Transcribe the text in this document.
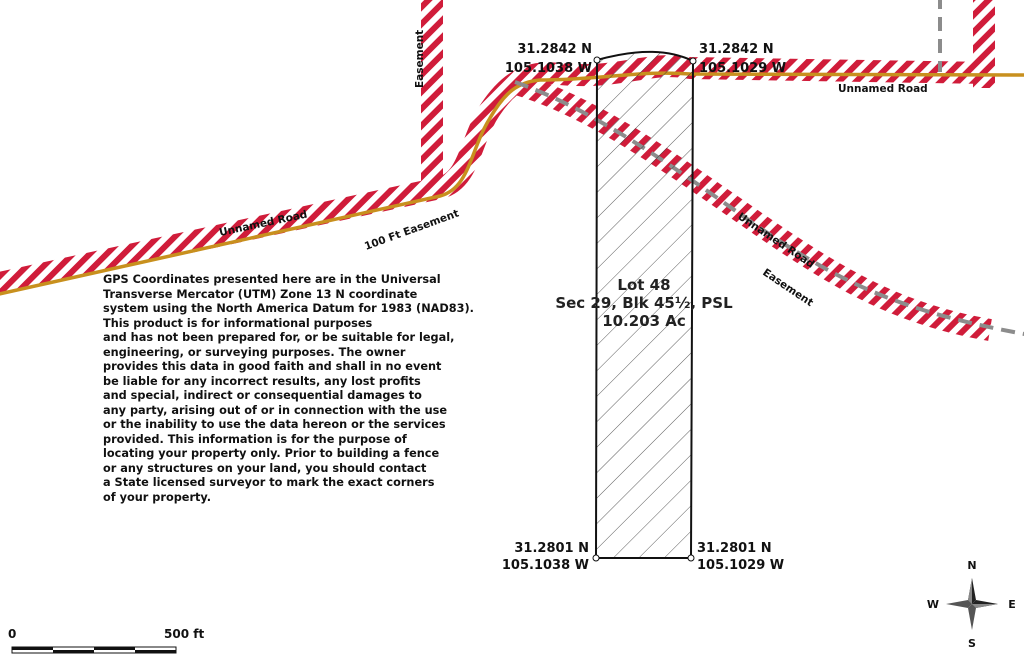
Lot 48
Sec 29, Blk 45½, PSL
10.203 Ac
31.2842 N
105.1038 W
31.2842 N
105.1029 W
31.2801 N
105.1038 W
31.2801 N
105.1029 W
Unnamed Road
Unnamed Road
Unnamed Road
Easement
100 Ft Easement
Easement
0	500 ft
N
S
E
W

GPS Coordinates presented here are in the Universal
Transverse Mercator (UTM) Zone 13 N coordinate
system using the North America Datum for 1983 (NAD83).
This product is for informational purposes
and has not been prepared for, or be suitable for legal,
engineering, or surveying purposes. The owner
provides this data in good faith and shall in no event
be liable for any incorrect results, any lost profits
and special, indirect or consequential damages to
any party, arising out of or in connection with the use
or the inability to use the data hereon or the services
provided. This information is for the purpose of
locating your property only. Prior to building a fence
or any structures on your land, you should contact
a State licensed surveyor to mark the exact corners
of your property.
